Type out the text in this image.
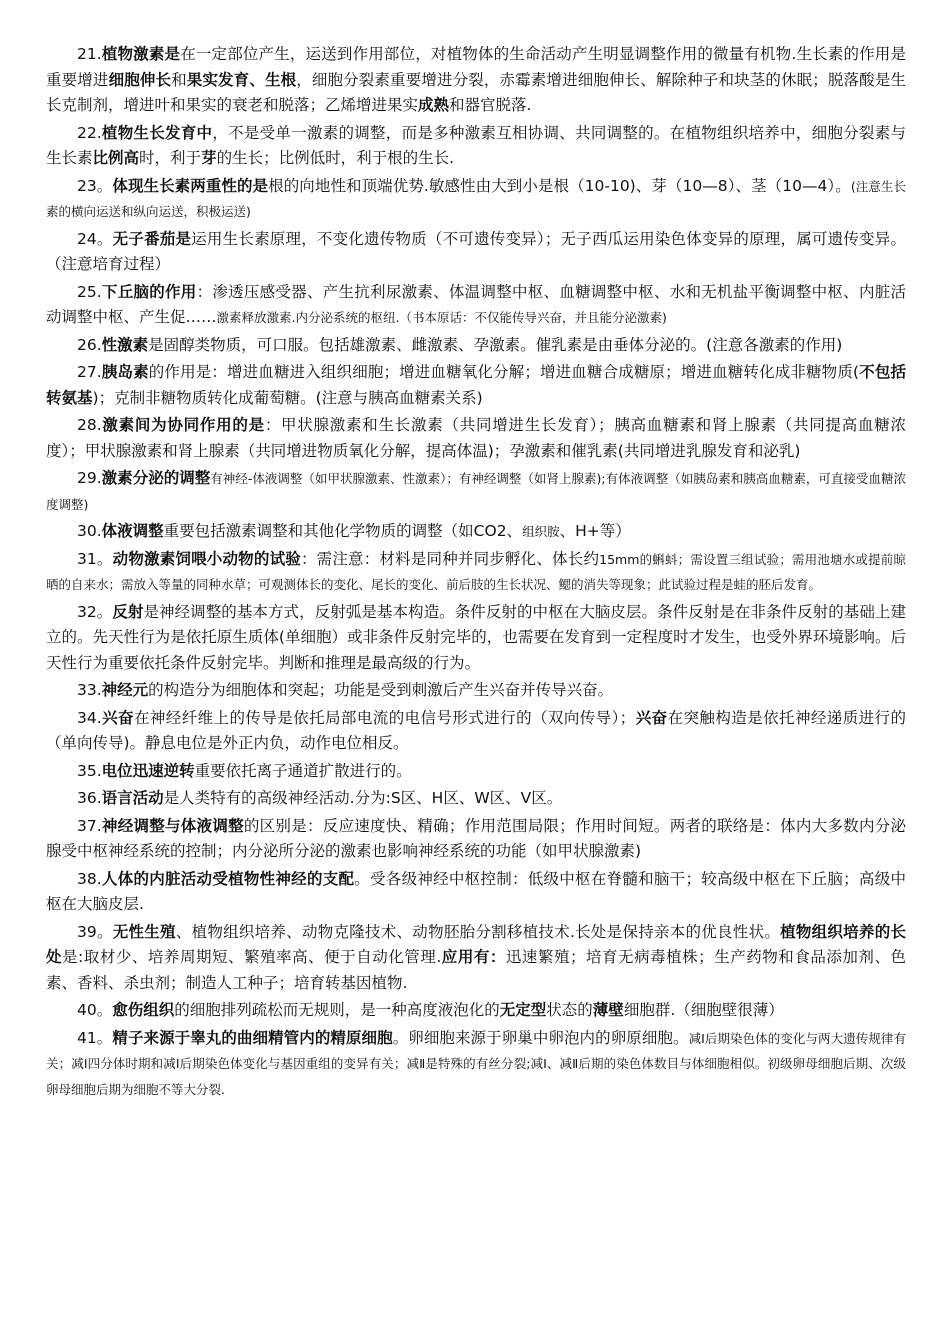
21.植物激素是在一定部位产生，运送到作用部位，对植物体的生命活动产生明显调整作用的微量有机物.生长素的作用是重要增进细胞伸长和果实发育、生根，细胞分裂素重要增进分裂，赤霉素增进细胞伸长、解除种子和块茎的休眠；脱落酸是生长克制剂，增进叶和果实的衰老和脱落；乙烯增进果实成熟和器官脱落.

22.植物生长发育中，不是受单一激素的调整，而是多种激素互相协调、共同调整的。在植物组织培养中，细胞分裂素与生长素比例高时，利于芽的生长；比例低时，利于根的生长.

23。体现生长素两重性的是根的向地性和顶端优势.敏感性由大到小是根（10-10)、芽（10—8）、茎（10—4）。(注意生长素的横向运送和纵向运送，积极运送)

24。无子番茄是运用生长素原理，不变化遗传物质（不可遗传变异）；无子西瓜运用染色体变异的原理，属可遗传变异。（注意培育过程）

25.下丘脑的作用：渗透压感受器、产生抗利尿激素、体温调整中枢、血糖调整中枢、水和无机盐平衡调整中枢、内脏活动调整中枢、产生促……激素释放激素.内分泌系统的枢纽.（书本原话：不仅能传导兴奋，并且能分泌激素)

26.性激素是固醇类物质，可口服。包括雄激素、雌激素、孕激素。催乳素是由垂体分泌的。(注意各激素的作用)

27.胰岛素的作用是：增进血糖进入组织细胞；增进血糖氧化分解；增进血糖合成糖原；增进血糖转化成非糖物质(不包括转氨基)；克制非糖物质转化成葡萄糖。(注意与胰高血糖素关系)

28.激素间为协同作用的是：甲状腺激素和生长激素（共同增进生长发育）；胰高血糖素和肾上腺素（共同提高血糖浓度）；甲状腺激素和肾上腺素（共同增进物质氧化分解，提高体温)；孕激素和催乳素(共同增进乳腺发育和泌乳)

29.激素分泌的调整有神经-体液调整（如甲状腺激素、性激素）；有神经调整（如肾上腺素);有体液调整（如胰岛素和胰高血糖素，可直接受血糖浓度调整)

30.体液调整重要包括激素调整和其他化学物质的调整（如CO2、组织胺、H+等）

31。动物激素饲喂小动物的试验：需注意：材料是同种并同步孵化、体长约15mm的蝌蚪；需设置三组试验；需用池塘水或提前晾晒的自来水；需放入等量的同种水草；可观测体长的变化、尾长的变化、前后肢的生长状况、鳃的消失等现象；此试验过程是蛙的胚后发育。

32。反射是神经调整的基本方式，反射弧是基本构造。条件反射的中枢在大脑皮层。条件反射是在非条件反射的基础上建立的。先天性行为是依托原生质体(单细胞）或非条件反射完毕的，也需要在发育到一定程度时才发生，也受外界环境影响。后天性行为重要依托条件反射完毕。判断和推理是最高级的行为。

33.神经元的构造分为细胞体和突起；功能是受到刺激后产生兴奋并传导兴奋。

34.兴奋在神经纤维上的传导是依托局部电流的电信号形式进行的（双向传导）；兴奋在突触构造是依托神经递质进行的（单向传导)。静息电位是外正内负，动作电位相反。

35.电位迅速逆转重要依托离子通道扩散进行的。

36.语言活动是人类特有的高级神经活动.分为:S区、H区、W区、V区。

37.神经调整与体液调整的区别是：反应速度快、精确；作用范围局限；作用时间短。两者的联络是：体内大多数内分泌腺受中枢神经系统的控制；内分泌所分泌的激素也影响神经系统的功能（如甲状腺激素)

38.人体的内脏活动受植物性神经的支配。受各级神经中枢控制：低级中枢在脊髓和脑干；较高级中枢在下丘脑；高级中枢在大脑皮层.

39。无性生殖、植物组织培养、动物克隆技术、动物胚胎分割移植技术.长处是保持亲本的优良性状。植物组织培养的长处是:取材少、培养周期短、繁殖率高、便于自动化管理.应用有：迅速繁殖；培育无病毒植株；生产药物和食品添加剂、色素、香料、杀虫剂；制造人工种子；培育转基因植物.

40。愈伤组织的细胞排列疏松而无规则，是一种高度液泡化的无定型状态的薄壁细胞群.（细胞壁很薄）

41。精子来源于睾丸的曲细精管内的精原细胞。卵细胞来源于卵巢中卵泡内的卵原细胞。减Ⅰ后期染色体的变化与两大遗传规律有关；减Ⅰ四分体时期和减Ⅰ后期染色体变化与基因重组的变异有关；减Ⅱ是特殊的有丝分裂;减Ⅰ、减Ⅱ后期的染色体数目与体细胞相似。初级卵母细胞后期、次级卵母细胞后期为细胞不等大分裂.
